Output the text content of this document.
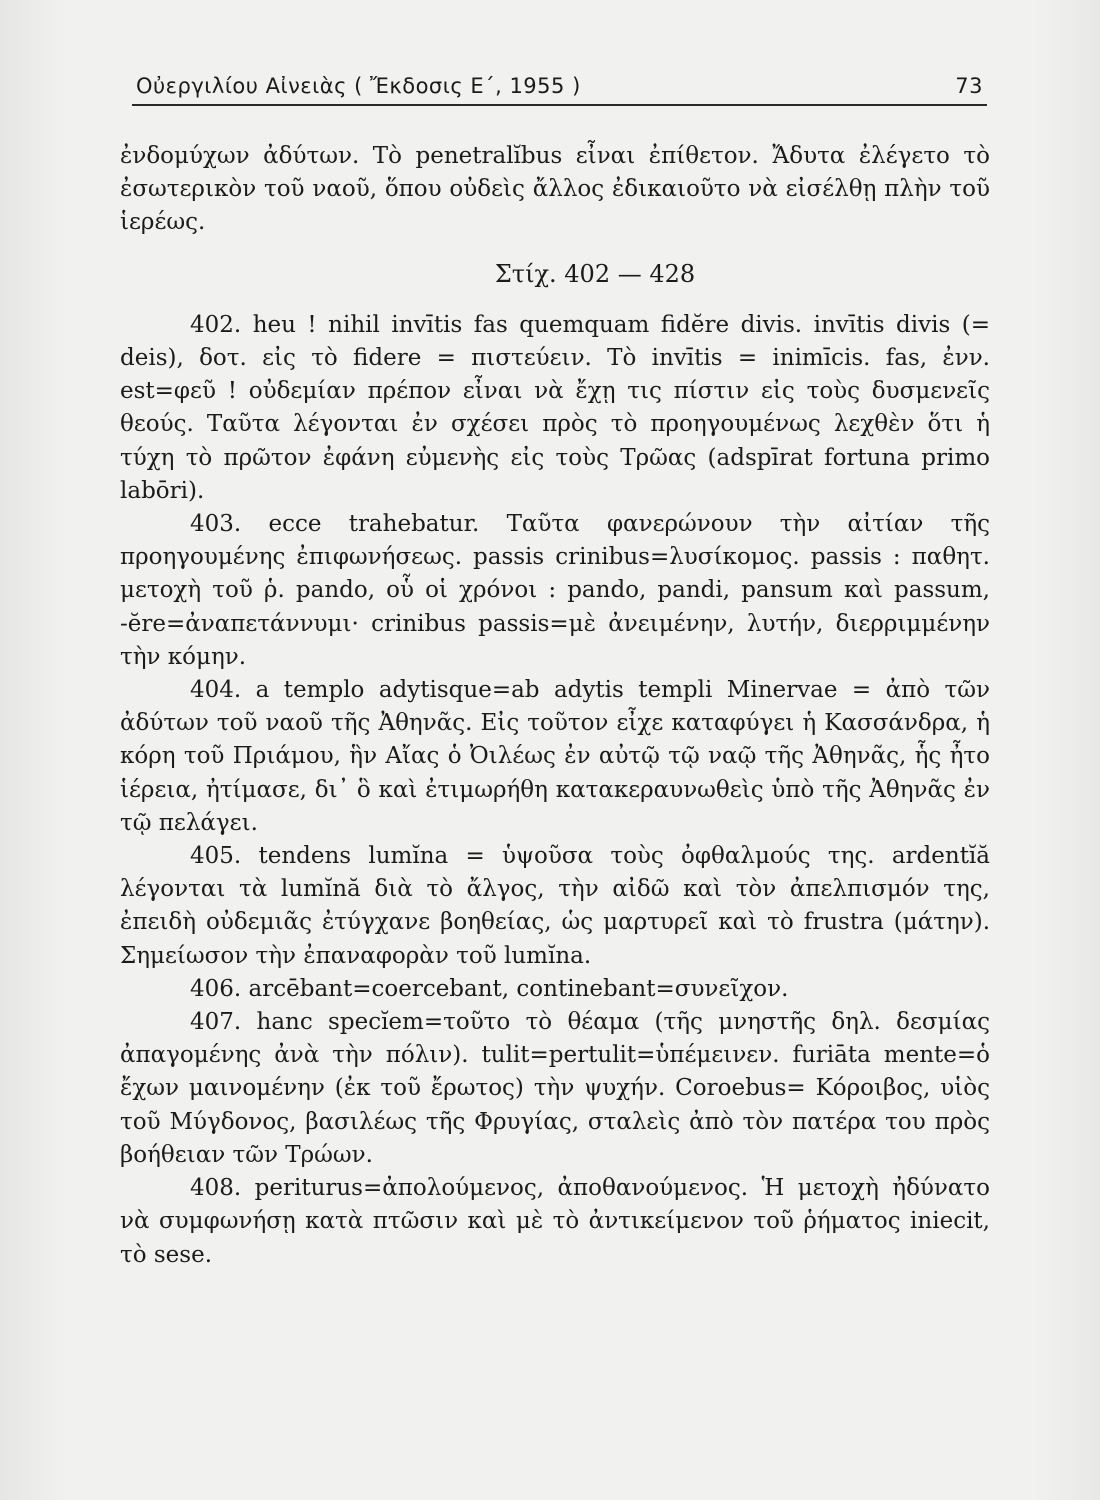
Οὐεργιλίου Αἰνειὰς ( Ἔκδοσις Ε΄, 1955 )	73

ἐνδομύχων ἀδύτων. Τὸ penetralĭbus εἶναι ἐπίθετον. Ἄδυτα ἐλέγετο τὸ ἐσωτερικὸν τοῦ ναοῦ, ὅπου οὐδεὶς ἄλλος ἐδικαιοῦτο νὰ εἰσέλθῃ πλὴν τοῦ ἱερέως.

Στίχ. 402 — 428

402. heu ! nihil invītis fas quemquam fidĕre divis. invītis divis (= deis), δοτ. εἰς τὸ fidere = πιστεύειν. Τὸ invītis = inimīcis. fas, ἐνν. est=φεῦ ! οὐδεμίαν πρέπον εἶναι νὰ ἔχῃ τις πίστιν εἰς τοὺς δυσμενεῖς θεούς. Ταῦτα λέγονται ἐν σχέσει πρὸς τὸ προηγουμένως λεχθὲν ὅτι ἡ τύχη τὸ πρῶτον ἐφάνη εὐμενὴς εἰς τοὺς Τρῶας (adspīrat fortuna primo labōri).

403. ecce trahebatur. Ταῦτα φανερώνουν τὴν αἰτίαν τῆς προηγουμένης ἐπιφωνήσεως. passis crinibus=λυσίκομος. passis : παθητ. μετοχὴ τοῦ ῥ. pando, οὗ οἱ χρόνοι : pando, pandi, pansum καὶ passum, -ĕre=ἀναπετάννυμι· crinibus passis=μὲ ἀνειμένην, λυτήν, διερριμμένην τὴν κόμην.

404. a templo adytisque=ab adytis templi Minervae = ἀπὸ τῶν ἀδύτων τοῦ ναοῦ τῆς Ἀθηνᾶς. Εἰς τοῦτον εἶχε καταφύγει ἡ Κασσάνδρα, ἡ κόρη τοῦ Πριάμου, ἣν Αἴας ὁ Ὀιλέως ἐν αὐτῷ τῷ ναῷ τῆς Ἀθηνᾶς, ἧς ἦτο ἱέρεια, ἠτίμασε, δι᾽ ὃ καὶ ἐτιμωρήθη κατακεραυνωθεὶς ὑπὸ τῆς Ἀθηνᾶς ἐν τῷ πελάγει.

405. tendens lumĭna = ὑψοῦσα τοὺς ὀφθαλμούς της. ardentĭă λέγονται τὰ lumĭnă διὰ τὸ ἄλγος, τὴν αἰδῶ καὶ τὸν ἀπελπισμόν της, ἐπειδὴ οὐδεμιᾶς ἐτύγχανε βοηθείας, ὡς μαρτυρεῖ καὶ τὸ frustra (μάτην). Σημείωσον τὴν ἐπαναφορὰν τοῦ lumĭna.

406. arcēbant=coercebant, continebant=συνεῖχον.

407. hanc specĭem=τοῦτο τὸ θέαμα (τῆς μνηστῆς δηλ. δεσμίας ἀπαγομένης ἀνὰ τὴν πόλιν). tulit=pertulit=ὑπέμεινεν. furiāta mente=ὁ ἔχων μαινομένην (ἐκ τοῦ ἔρωτος) τὴν ψυχήν. Coroebus= Κόροιβος, υἱὸς τοῦ Μύγδονος, βασιλέως τῆς Φρυγίας, σταλεὶς ἀπὸ τὸν πατέρα του πρὸς βοήθειαν τῶν Τρώων.

408. periturus=ἀπολούμενος, ἀποθανούμενος. Ἡ μετοχὴ ἠδύνατο νὰ συμφωνήσῃ κατὰ πτῶσιν καὶ μὲ τὸ ἀντικείμενον τοῦ ῥήματος iniecit, τὸ sese.
